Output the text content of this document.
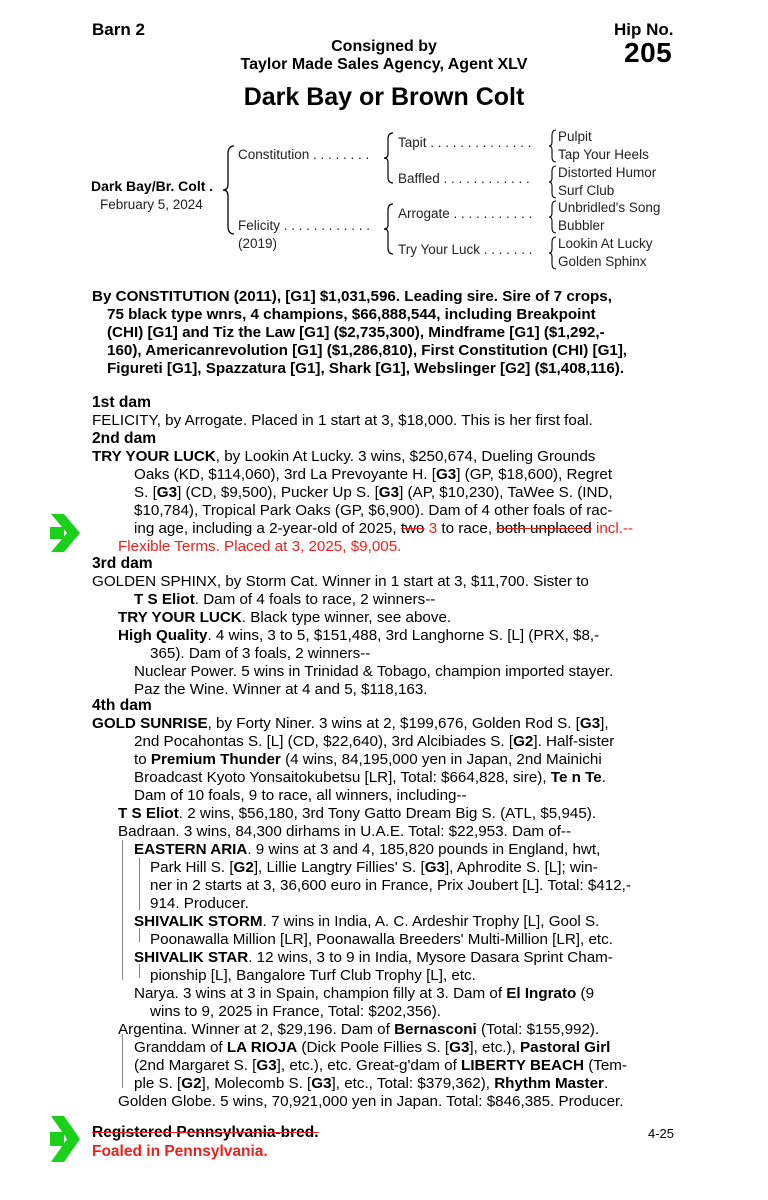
Barn 2	Hip No.
205
Consigned by
Taylor Made Sales Agency, Agent XLV
Dark Bay or Brown Colt
Dark Bay/Br. Colt .
February 5, 2024
Constitution . . . . . . . .
Felicity . . . . . . . . . . . .
(2019)
Tapit . . . . . . . . . . . . . .
Baffled . . . . . . . . . . . .
Arrogate . . . . . . . . . . .
Try Your Luck . . . . . . .
Pulpit
Tap Your Heels
Distorted Humor
Surf Club
Unbridled's Song
Bubbler
Lookin At Lucky
Golden Sphinx
By CONSTITUTION (2011), [G1] $1,031,596. Leading sire. Sire of 7 crops,
75 black type wnrs, 4 champions, $66,888,544, including Breakpoint
(CHI) [G1] and Tiz the Law [G1] ($2,735,300), Mindframe [G1] ($1,292,-
160), Americanrevolution [G1] ($1,286,810), First Constitution (CHI) [G1],
Figureti [G1], Spazzatura [G1], Shark [G1], Webslinger [G2] ($1,408,116).
1st dam
FELICITY, by Arrogate. Placed in 1 start at 3, $18,000. This is her first foal.
2nd dam
TRY YOUR LUCK, by Lookin At Lucky. 3 wins, $250,674, Dueling Grounds
Oaks (KD, $114,060), 3rd La Prevoyante H. [G3] (GP, $18,600), Regret
S. [G3] (CD, $9,500), Pucker Up S. [G3] (AP, $10,230), TaWee S. (IND,
$10,784), Tropical Park Oaks (GP, $6,900). Dam of 4 other foals of rac-
ing age, including a 2-year-old of 2025, two 3 to race, both unplaced incl.--
Flexible Terms. Placed at 3, 2025, $9,005.
3rd dam
GOLDEN SPHINX, by Storm Cat. Winner in 1 start at 3, $11,700. Sister to
T S Eliot. Dam of 4 foals to race, 2 winners--
TRY YOUR LUCK. Black type winner, see above.
High Quality. 4 wins, 3 to 5, $151,488, 3rd Langhorne S. [L] (PRX, $8,-
365). Dam of 3 foals, 2 winners--
Nuclear Power. 5 wins in Trinidad & Tobago, champion imported stayer.
Paz the Wine. Winner at 4 and 5, $118,163.
4th dam
GOLD SUNRISE, by Forty Niner. 3 wins at 2, $199,676, Golden Rod S. [G3],
2nd Pocahontas S. [L] (CD, $22,640), 3rd Alcibiades S. [G2]. Half-sister
to Premium Thunder (4 wins, 84,195,000 yen in Japan, 2nd Mainichi
Broadcast Kyoto Yonsaitokubetsu [LR], Total: $664,828, sire), Te n Te.
Dam of 10 foals, 9 to race, all winners, including--
T S Eliot. 2 wins, $56,180, 3rd Tony Gatto Dream Big S. (ATL, $5,945).
Badraan. 3 wins, 84,300 dirhams in U.A.E. Total: $22,953. Dam of--
EASTERN ARIA. 9 wins at 3 and 4, 185,820 pounds in England, hwt,
Park Hill S. [G2], Lillie Langtry Fillies' S. [G3], Aphrodite S. [L]; win-
ner in 2 starts at 3, 36,600 euro in France, Prix Joubert [L]. Total: $412,-
914. Producer.
SHIVALIK STORM. 7 wins in India, A. C. Ardeshir Trophy [L], Gool S.
Poonawalla Million [LR], Poonawalla Breeders' Multi-Million [LR], etc.
SHIVALIK STAR. 12 wins, 3 to 9 in India, Mysore Dasara Sprint Cham-
pionship [L], Bangalore Turf Club Trophy [L], etc.
Narya. 3 wins at 3 in Spain, champion filly at 3. Dam of El Ingrato (9
wins to 9, 2025 in France, Total: $202,356).
Argentina. Winner at 2, $29,196. Dam of Bernasconi (Total: $155,992).
Granddam of LA RIOJA (Dick Poole Fillies S. [G3], etc.), Pastoral Girl
(2nd Margaret S. [G3], etc.), etc. Great-g'dam of LIBERTY BEACH (Tem-
ple S. [G2], Molecomb S. [G3], etc., Total: $379,362), Rhythm Master.
Golden Globe. 5 wins, 70,921,000 yen in Japan. Total: $846,385. Producer.
Registered Pennsylvania-bred.
Foaled in Pennsylvania.
4-25
